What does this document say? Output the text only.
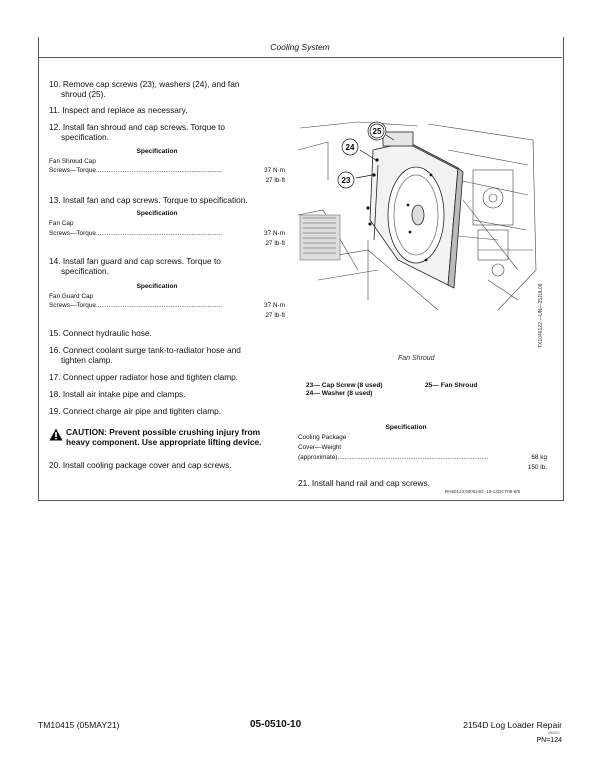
Cooling System
10. Remove cap screws (23), washers (24), and fan
shroud (25).
11. Inspect and replace as necessary.
12. Install fan shroud and cap screws. Torque to
specification.
Specification
Fan Shroud Cap
Screws—Torque.......................................................................	37 N·m
27 lb-ft
13. Install fan and cap screws. Torque to specification.
Specification
Fan Cap
Screws—Torque.......................................................................	37 N·m
27 lb-ft
14. Install fan guard and cap screws. Torque to
specification.
Specification
Fan Guard Cap
Screws—Torque.......................................................................	37 N·m
27 lb-ft
15. Connect hydraulic hose.
16. Connect coolant surge tank-to-radiator hose and
tighten clamp.
17. Connect upper radiator hose and tighten clamp.
18. Install air intake pipe and clamps.
19. Connect charge air pipe and tighten clamp.
CAUTION: Prevent possible crushing injury from
heavy component. Use appropriate lifting device.
20. Install cooling package cover and cap screws.
24
23
25
TX1046122 —UN—25JUL08
Fan Shroud
23— Cap Screw (8 used)
24— Washer (8 used)
25— Fan Shroud
Specification
Cooling Package
Cover—Weight
(approximate).....................................................................................	68 kg
150 lb.
21. Install hand rail and cap screws.
RH60123,000024D -19-13OCT08-6/9
TM10415 (05MAY21)	05-0510-10	2154D Log Loader Repair
050521
PN=124
